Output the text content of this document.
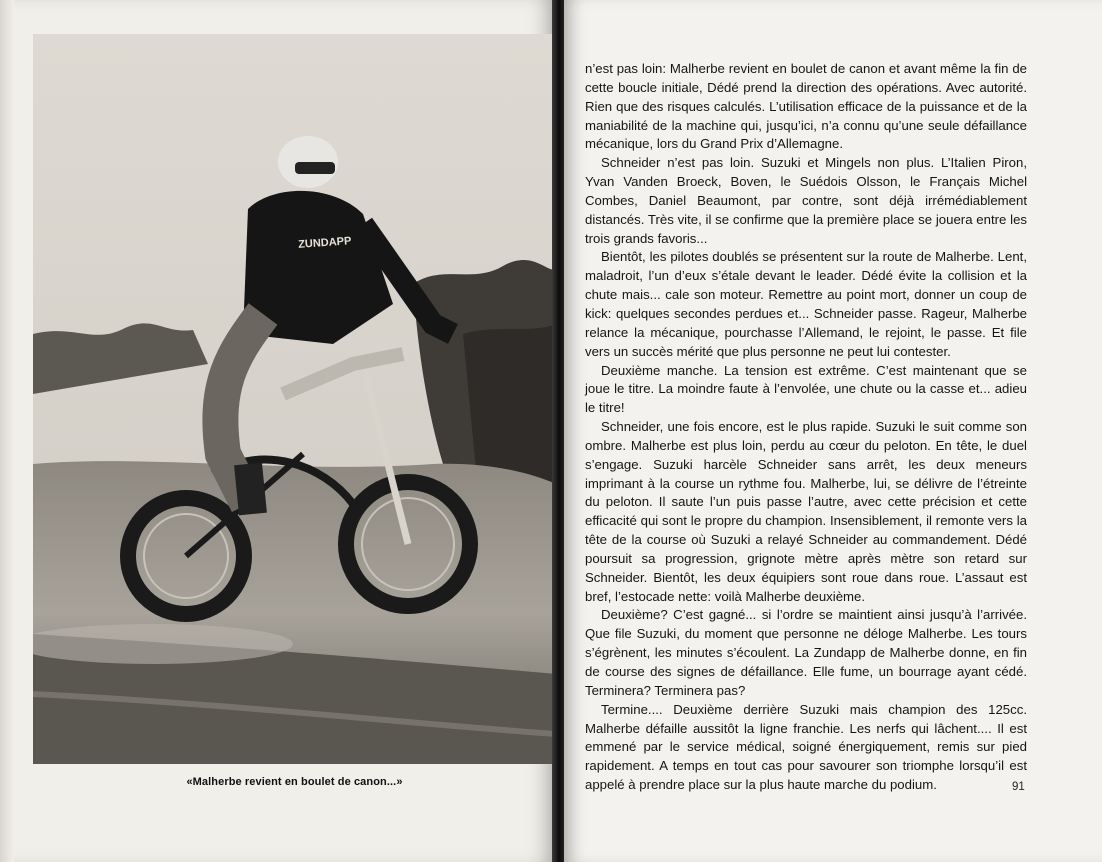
ZUNDAPP
«Malherbe revient en boulet de canon...»

n’est pas loin: Malherbe revient en boulet de canon et avant même la fin de cette boucle initiale, Dédé prend la direction des opérations. Avec autorité. Rien que des risques calculés. L’utilisation efficace de la puissance et de la maniabilité de la machine qui, jusqu’ici, n’a connu qu’une seule défaillance mécanique, lors du Grand Prix d’Allemagne.

Schneider n’est pas loin. Suzuki et Mingels non plus. L’Italien Piron, Yvan Vanden Broeck, Boven, le Suédois Olsson, le Français Michel Combes, Daniel Beaumont, par contre, sont déjà irrémédiablement distancés. Très vite, il se confirme que la première place se jouera entre les trois grands favoris...

Bientôt, les pilotes doublés se présentent sur la route de Malherbe. Lent, maladroit, l’un d’eux s’étale devant le leader. Dédé évite la collision et la chute mais... cale son moteur. Remettre au point mort, donner un coup de kick: quelques secondes perdues et... Schneider passe. Rageur, Malherbe relance la mécanique, pourchasse l’Allemand, le rejoint, le passe. Et file vers un succès mérité que plus personne ne peut lui contester.

Deuxième manche. La tension est extrême. C’est maintenant que se joue le titre. La moindre faute à l’envolée, une chute ou la casse et... adieu le titre!

Schneider, une fois encore, est le plus rapide. Suzuki le suit comme son ombre. Malherbe est plus loin, perdu au cœur du peloton. En tête, le duel s’engage. Suzuki harcèle Schneider sans arrêt, les deux meneurs imprimant à la course un rythme fou. Malherbe, lui, se délivre de l’étreinte du peloton. Il saute l’un puis passe l’autre, avec cette précision et cette efficacité qui sont le propre du champion. Insensiblement, il remonte vers la tête de la course où Suzuki a relayé Schneider au commandement. Dédé poursuit sa progression, grignote mètre après mètre son retard sur Schneider. Bientôt, les deux équipiers sont roue dans roue. L’assaut est bref, l’estocade nette: voilà Malherbe deuxième.

Deuxième? C’est gagné... si l’ordre se maintient ainsi jusqu’à l’arrivée. Que file Suzuki, du moment que personne ne déloge Malherbe. Les tours s’égrènent, les minutes s’écoulent. La Zundapp de Malherbe donne, en fin de course des signes de défaillance. Elle fume, un bourrage ayant cédé. Terminera? Terminera pas?

Termine.... Deuxième derrière Suzuki mais champion des 125cc. Malherbe défaille aussitôt la ligne franchie. Les nerfs qui lâchent.... Il est emmené par le service médical, soigné énergiquement, remis sur pied rapidement. A temps en tout cas pour savourer son triomphe lorsqu’il est appelé à prendre place sur la plus haute marche du podium.	91
